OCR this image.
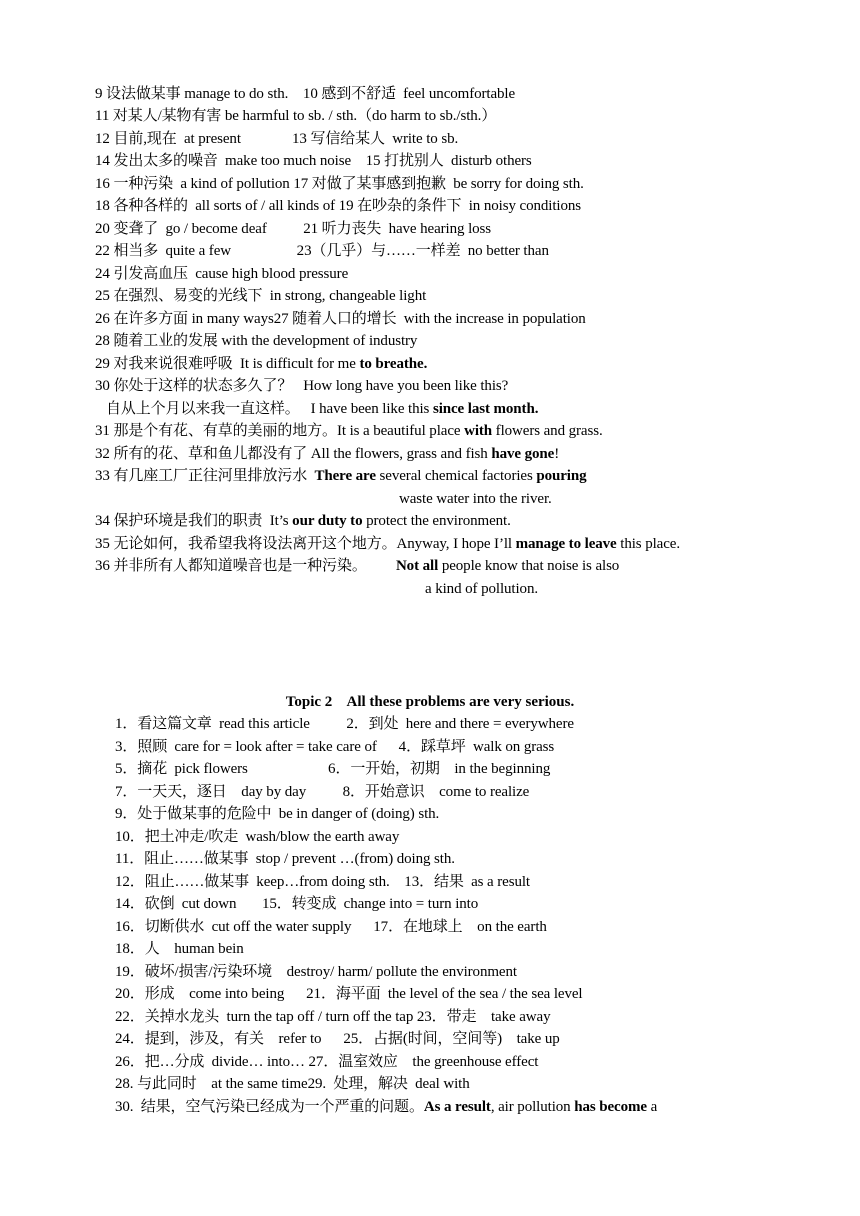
9 设法做某事 manage to do sth.    10 感到不舒适  feel uncomfortable
11 对某人/某物有害 be harmful to sb. / sth.（do harm to sb./sth.）
12 目前,现在  at present              13 写信给某人  write to sb.
14 发出太多的噪音  make too much noise    15 打扰别人  disturb others
16 一种污染  a kind of pollution 17 对做了某事感到抱歉  be sorry for doing sth.
18 各种各样的  all sorts of / all kinds of 19 在吵杂的条件下  in noisy conditions
20 变聋了  go / become deaf          21 听力丧失  have hearing loss
22 相当多  quite a few                  23（几乎）与……一样差  no better than
24 引发高血压  cause high blood pressure
25 在强烈、易变的光线下  in strong, changeable light
26 在许多方面 in many ways27 随着人口的增长  with the increase in population
28 随着工业的发展 with the development of industry
29 对我来说很难呼吸  It is difficult for me to breathe.
30 你处于这样的状态多久了？   How long have you been like this?
自从上个月以来我一直这样。   I have been like this since last month.
31 那是个有花、有草的美丽的地方。It is a beautiful place with flowers and grass.
32 所有的花、草和鱼儿都没有了 All the flowers, grass and fish have gone!
33 有几座工厂正往河里排放污水  There are several chemical factories pouring
waste water into the river.
34 保护环境是我们的职责  It’s our duty to protect the environment.
35 无论如何，我希望我将设法离开这个地方。Anyway, I hope I’ll manage to leave this place.
36 并非所有人都知道噪音也是一种污染。        Not all people know that noise is also
a kind of pollution.
Topic 2    All these problems are very serious.
1．看这篇文章  read this article          2．到处  here and there = everywhere
3．照顾  care for = look after = take care of      4．踩草坪  walk on grass
5．摘花  pick flowers                      6．一开始，初期    in the beginning
7．一天天，逐日    day by day          8．开始意识    come to realize
9．处于做某事的危险中  be in danger of (doing) sth.
10．把土冲走/吹走  wash/blow the earth away
11．阻止……做某事  stop / prevent …(from) doing sth.
12．阻止……做某事  keep…from doing sth.    13．结果  as a result
14．砍倒  cut down       15．转变成  change into = turn into
16．切断供水  cut off the water supply      17．在地球上    on the earth
18．人    human bein
19．破坏/损害/污染环境    destroy/ harm/ pollute the environment
20．形成    come into being      21．海平面  the level of the sea / the sea level
22．关掉水龙头  turn the tap off / turn off the tap 23．带走    take away
24．提到，涉及，有关    refer to      25．占据(时间，空间等)    take up
26．把…分成  divide… into… 27．温室效应    the greenhouse effect
28. 与此同时    at the same time29.  处理，解决  deal with
30.  结果，空气污染已经成为一个严重的问题。As a result, air pollution has become a
